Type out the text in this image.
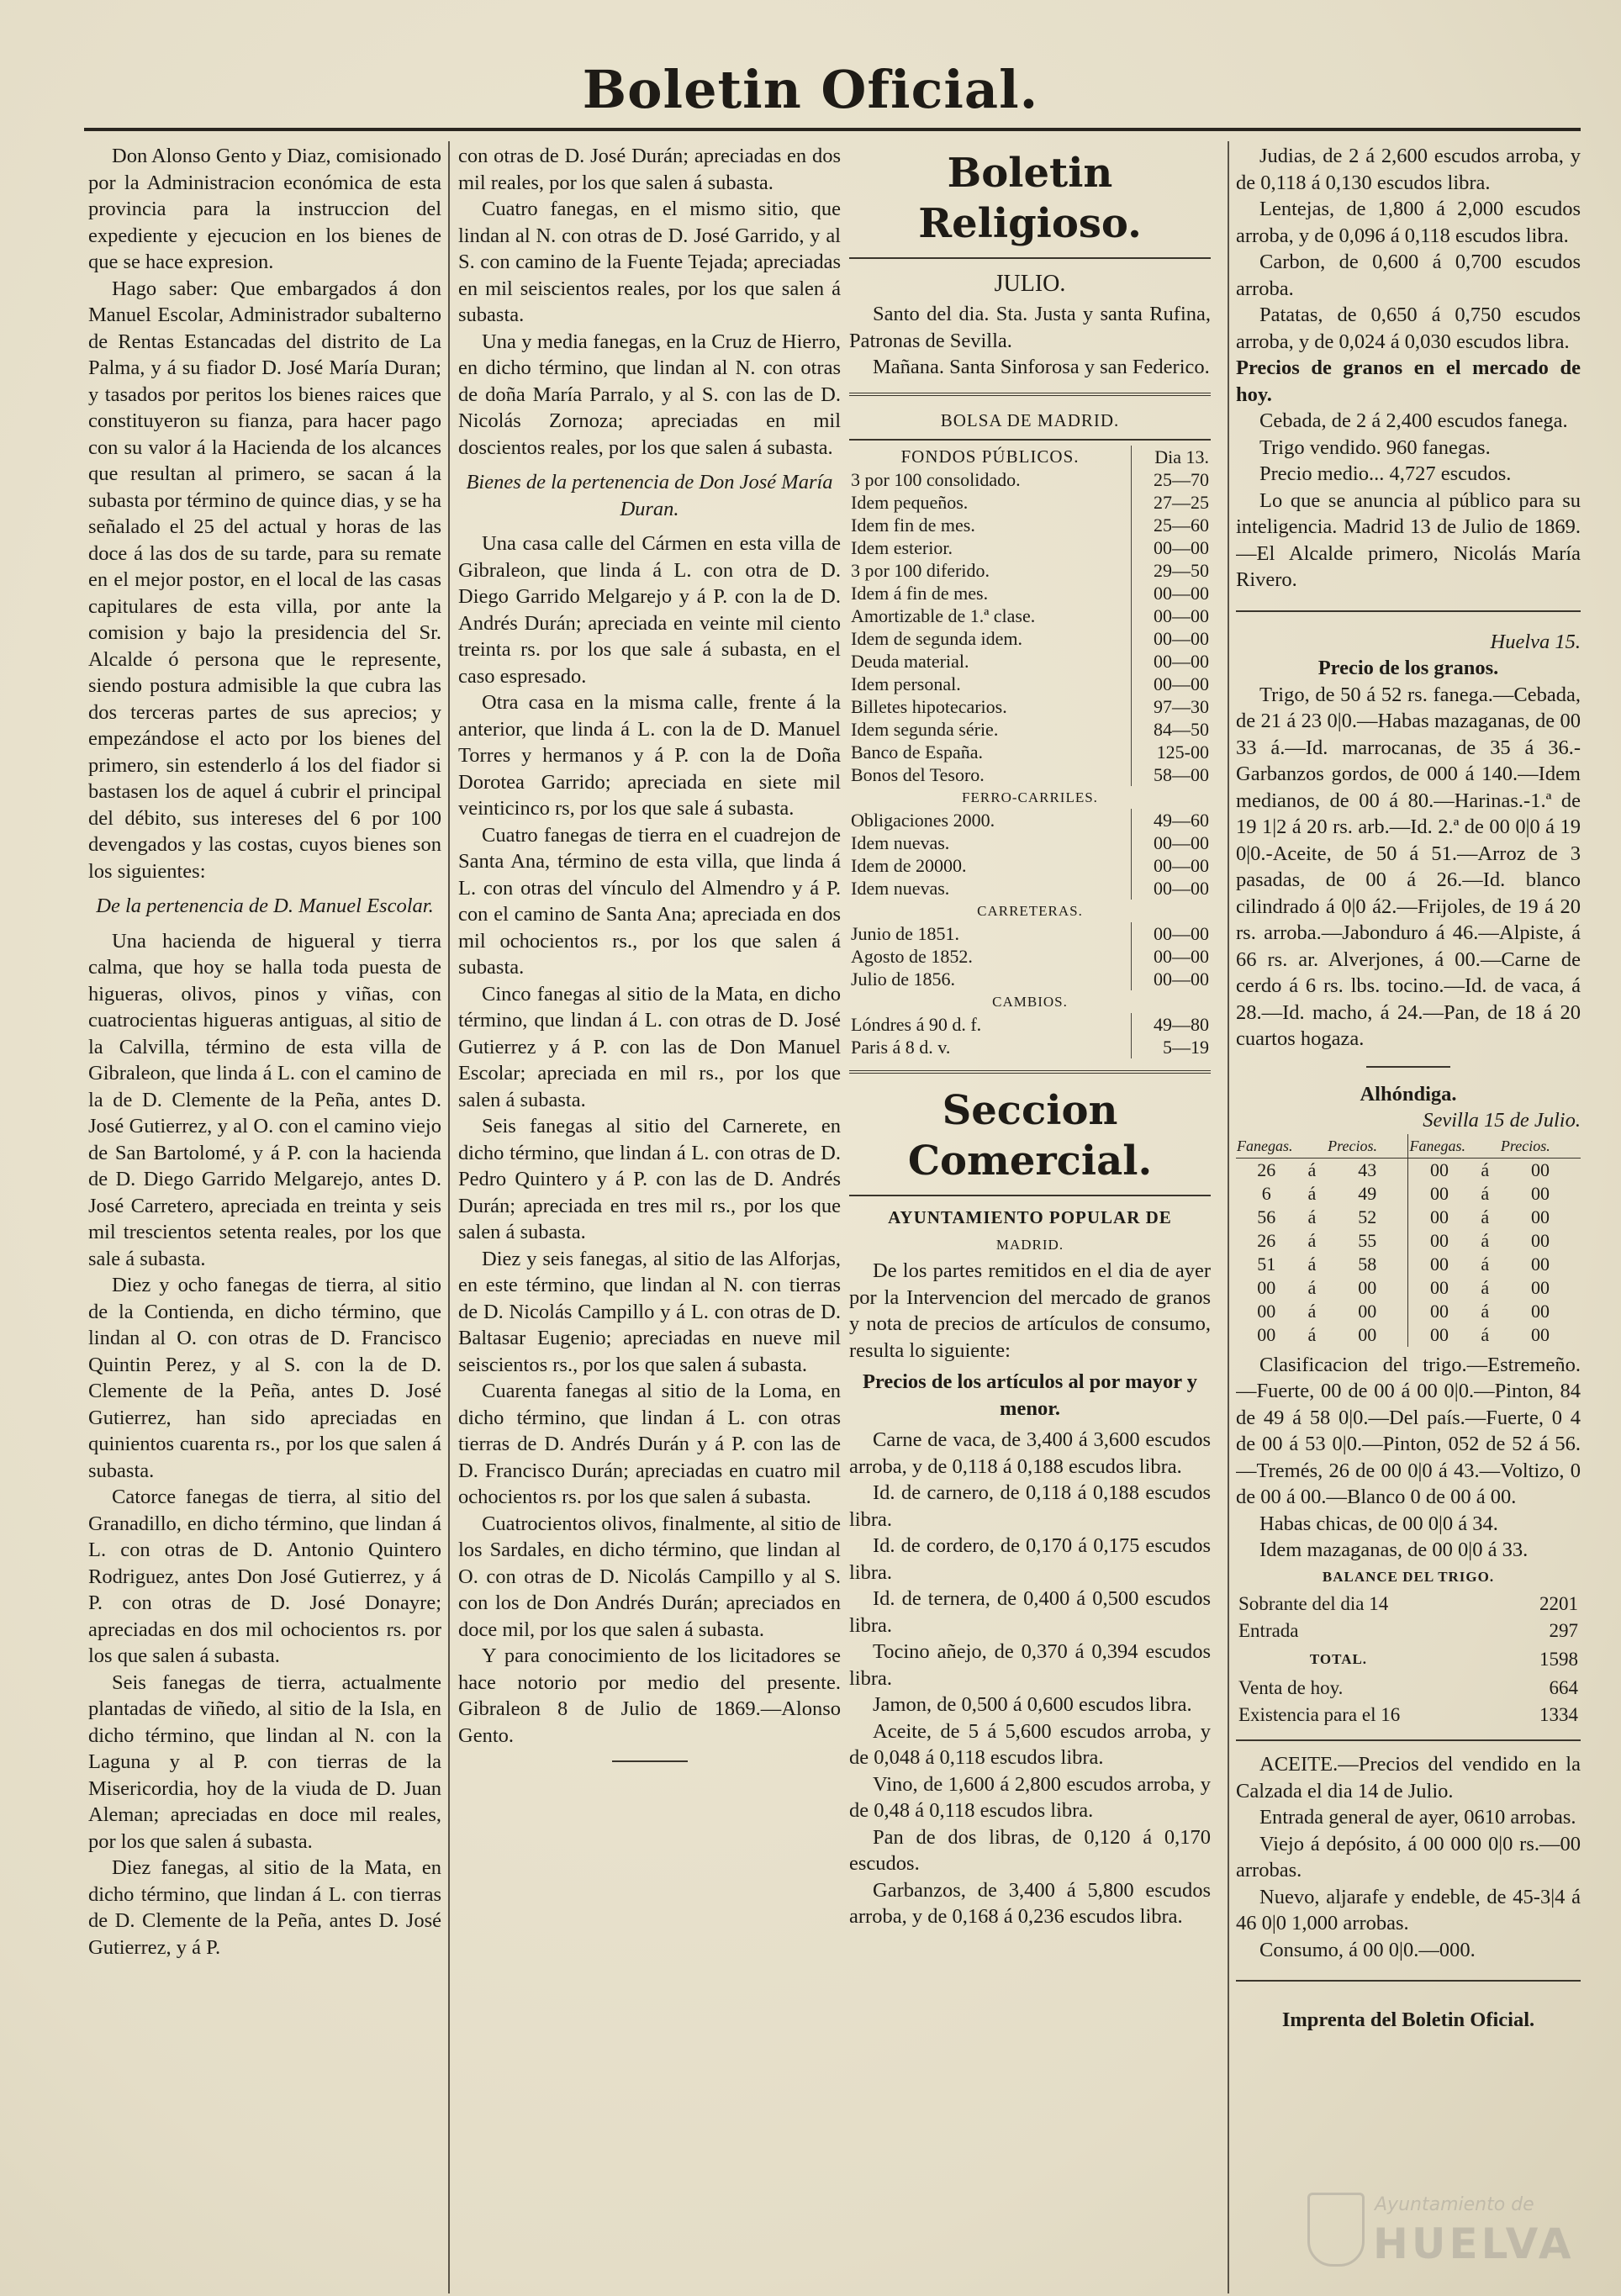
Boletin Oficial.

Don Alonso Gento y Diaz, comisionado por la Administracion económica de esta provincia para la instruccion del expediente y ejecucion en los bienes de que se hace expresion.

Hago saber: Que embargados á don Manuel Escolar, Administrador subalterno de Rentas Estancadas del distrito de La Palma, y á su fiador D. José María Duran; y tasados por peritos los bienes raices que constituyeron su fianza, para hacer pago con su valor á la Hacienda de los alcances que resultan al primero, se sacan á la subasta por término de quince dias, y se ha señalado el 25 del actual y horas de las doce á las dos de su tarde, para su remate en el mejor postor, en el local de las casas capitulares de esta villa, por ante la comision y bajo la presidencia del Sr. Alcalde ó persona que le represente, siendo postura admisible la que cubra las dos terceras partes de sus aprecios; y empezándose el acto por los bienes del primero, sin estenderlo á los del fiador si bastasen los de aquel á cubrir el principal del débito, sus intereses del 6 por 100 devengados y las costas, cuyos bienes son los siguientes:

De la pertenencia de D. Manuel Escolar.

Una hacienda de higueral y tierra calma, que hoy se halla toda puesta de higueras, olivos, pinos y viñas, con cuatrocientas higueras antiguas, al sitio de la Calvilla, término de esta villa de Gibraleon, que linda á L. con el camino de la de D. Clemente de la Peña, antes D. José Gutierrez, y al O. con el camino viejo de San Bartolomé, y á P. con la hacienda de D. Diego Garrido Melgarejo, antes D. José Carretero, apreciada en treinta y seis mil trescientos setenta reales, por los que sale á subasta.

Diez y ocho fanegas de tierra, al sitio de la Contienda, en dicho término, que lindan al O. con otras de D. Francisco Quintin Perez, y al S. con la de D. Clemente de la Peña, antes D. José Gutierrez, han sido apreciadas en quinientos cuarenta rs., por los que salen á subasta.

Catorce fanegas de tierra, al sitio del Granadillo, en dicho término, que lindan á L. con otras de D. Antonio Quintero Rodriguez, antes Don José Gutierrez, y á P. con otras de D. José Donayre; apreciadas en dos mil ochocientos rs. por los que salen á subasta.

Seis fanegas de tierra, actualmente plantadas de viñedo, al sitio de la Isla, en dicho término, que lindan al N. con la Laguna y al P. con tierras de la Misericordia, hoy de la viuda de D. Juan Aleman; apreciadas en doce mil reales, por los que salen á subasta.

Diez fanegas, al sitio de la Mata, en dicho término, que lindan á L. con tierras de D. Clemente de la Peña, antes D. José Gutierrez, y á P.

con otras de D. José Durán; apreciadas en dos mil reales, por los que salen á subasta.

Cuatro fanegas, en el mismo sitio, que lindan al N. con otras de D. José Garrido, y al S. con camino de la Fuente Tejada; apreciadas en mil seiscientos reales, por los que salen á subasta.

Una y media fanegas, en la Cruz de Hierro, en dicho término, que lindan al N. con otras de doña María Parralo, y al S. con las de D. Nicolás Zornoza; apreciadas en mil doscientos reales, por los que salen á subasta.

Bienes de la pertenencia de Don José María Duran.

Una casa calle del Cármen en esta villa de Gibraleon, que linda á L. con otra de D. Diego Garrido Melgarejo y á P. con la de D. Andrés Durán; apreciada en veinte mil ciento treinta rs. por los que sale á subasta, en el caso espresado.

Otra casa en la misma calle, frente á la anterior, que linda á L. con la de D. Manuel Torres y hermanos y á P. con la de Doña Dorotea Garrido; apreciada en siete mil veinticinco rs, por los que sale á subasta.

Cuatro fanegas de tierra en el cuadrejon de Santa Ana, término de esta villa, que linda á L. con otras del vínculo del Almendro y á P. con el camino de Santa Ana; apreciada en dos mil ochocientos rs., por los que salen á subasta.

Cinco fanegas al sitio de la Mata, en dicho término, que lindan á L. con otras de D. José Gutierrez y á P. con las de Don Manuel Escolar; apreciada en mil rs., por los que salen á subasta.

Seis fanegas al sitio del Carnerete, en dicho término, que lindan á L. con otras de D. Pedro Quintero y á P. con las de D. Andrés Durán; apreciada en tres mil rs., por los que salen á subasta.

Diez y seis fanegas, al sitio de las Alforjas, en este término, que lindan al N. con tierras de D. Nicolás Campillo y á L. con otras de D. Baltasar Eugenio; apreciadas en nueve mil seiscientos rs., por los que salen á subasta.

Cuarenta fanegas al sitio de la Loma, en dicho término, que lindan á L. con otras tierras de D. Andrés Durán y á P. con las de D. Francisco Durán; apreciadas en cuatro mil ochocientos rs. por los que salen á subasta.

Cuatrocientos olivos, finalmente, al sitio de los Sardales, en dicho término, que lindan al O. con otras de D. Nicolás Campillo y al S. con los de Don Andrés Durán; apreciados en doce mil, por los que salen á subasta.

Y para conocimiento de los licitadores se hace notorio por medio del presente. Gibraleon 8 de Julio de 1869.—Alonso Gento.

Boletin Religioso.

JULIO.

Santo del dia. Sta. Justa y santa Rufina, Patronas de Sevilla.

Mañana. Santa Sinforosa y san Federico.

BOLSA DE MADRID.

FONDOS PÚBLICOS.	Dia 13.
3 por 100 consolidado.	25—70
Idem pequeños.	27—25
Idem fin de mes.	25—60
Idem esterior.	00—00
3 por 100 diferido.	29—50
Idem á fin de mes.	00—00
Amortizable de 1.ª clase.	00—00
Idem de segunda idem.	00—00
Deuda material.	00—00
Idem personal.	00—00
Billetes hipotecarios.	97—30
Idem segunda série.	84—50
Banco de España.	125-00
Bonos del Tesoro.	58—00
FERRO-CARRILES.	
Obligaciones 2000.	49—60
Idem nuevas.	00—00
Idem de 20000.	00—00
Idem nuevas.	00—00
CARRETERAS.	
Junio de 1851.	00—00
Agosto de 1852.	00—00
Julio de 1856.	00—00
CAMBIOS.	
Lóndres á 90 d. f.	49—80
Paris á 8 d. v.	5—19
Seccion Comercial.

AYUNTAMIENTO POPULAR DE

MADRID.

De los partes remitidos en el dia de ayer por la Intervencion del mercado de granos y nota de precios de artículos de consumo, resulta lo siguiente:

Precios de los artículos al por mayor y menor.

Carne de vaca, de 3,400 á 3,600 escudos arroba, y de 0,118 á 0,188 escudos libra.

Id. de carnero, de 0,118 á 0,188 escudos libra.

Id. de cordero, de 0,170 á 0,175 escudos libra.

Id. de ternera, de 0,400 á 0,500 escudos libra.

Tocino añejo, de 0,370 á 0,394 escudos libra.

Jamon, de 0,500 á 0,600 escudos libra.

Aceite, de 5 á 5,600 escudos arroba, y de 0,048 á 0,118 escudos libra.

Vino, de 1,600 á 2,800 escudos arroba, y de 0,48 á 0,118 escudos libra.

Pan de dos libras, de 0,120 á 0,170 escudos.

Garbanzos, de 3,400 á 5,800 escudos arroba, y de 0,168 á 0,236 escudos libra.

Judias, de 2 á 2,600 escudos arroba, y de 0,118 á 0,130 escudos libra.

Lentejas, de 1,800 á 2,000 escudos arroba, y de 0,096 á 0,118 escudos libra.

Carbon, de 0,600 á 0,700 escudos arroba.

Patatas, de 0,650 á 0,750 escudos arroba, y de 0,024 á 0,030 escudos libra.

Precios de granos en el mercado de hoy.

Cebada, de 2 á 2,400 escudos fanega.

Trigo vendido. 960 fanegas.

Precio medio... 4,727 escudos.

Lo que se anuncia al público para su inteligencia. Madrid 13 de Julio de 1869.—El Alcalde primero, Nicolás María Rivero.

Huelva 15.

Precio de los granos.

Trigo, de 50 á 52 rs. fanega.—Cebada, de 21 á 23 0|0.—Habas mazaganas, de 00 33 á.—Id. marrocanas, de 35 á 36.-Garbanzos gordos, de 000 á 140.—Idem medianos, de 00 á 80.—Harinas.-1.ª de 19 1|2 á 20 rs. arb.—Id. 2.ª de 00 0|0 á 19 0|0.-Aceite, de 50 á 51.—Arroz de 3 pasadas, de 00 á 26.—Id. blanco cilindrado á 0|0 á2.—Frijoles, de 19 á 20 rs. arroba.—Jabonduro á 46.—Alpiste, á 66 rs. ar. Alverjones, á 00.—Carne de cerdo á 6 rs. lbs. tocino.—Id. de vaca, á 28.—Id. macho, á 24.—Pan, de 18 á 20 cuartos hogaza.

Alhóndiga.

Sevilla 15 de Julio.

Fanegas.		Precios.	Fanegas.		Precios.
26	á	43	00	á	00
6	á	49	00	á	00
56	á	52	00	á	00
26	á	55	00	á	00
51	á	58	00	á	00
00	á	00	00	á	00
00	á	00	00	á	00
00	á	00	00	á	00

Clasificacion del trigo.—Estremeño.—Fuerte, 00 de 00 á 00 0|0.—Pinton, 84 de 49 á 58 0|0.—Del país.—Fuerte, 0 4 de 00 á 53 0|0.—Pinton, 052 de 52 á 56.—Tremés, 26 de 00 0|0 á 43.—Voltizo, 0 de 00 á 00.—Blanco 0 de 00 á 00.

Habas chicas, de 00 0|0 á 34.

Idem mazaganas, de 00 0|0 á 33.

BALANCE DEL TRIGO.

Sobrante del dia 14	2201
Entrada	297
TOTAL.	1598
Venta de hoy.	664
Existencia para el 16	1334

ACEITE.—Precios del vendido en la Calzada el dia 14 de Julio.

Entrada general de ayer, 0610 arrobas.

Viejo á depósito, á 00 000 0|0 rs.—00 arrobas.

Nuevo, aljarafe y endeble, de 45-3|4 á 46 0|0 1,000 arrobas.

Consumo, á 00 0|0.—000.

Imprenta del Boletin Oficial.

Ayuntamiento de
HUELVA
